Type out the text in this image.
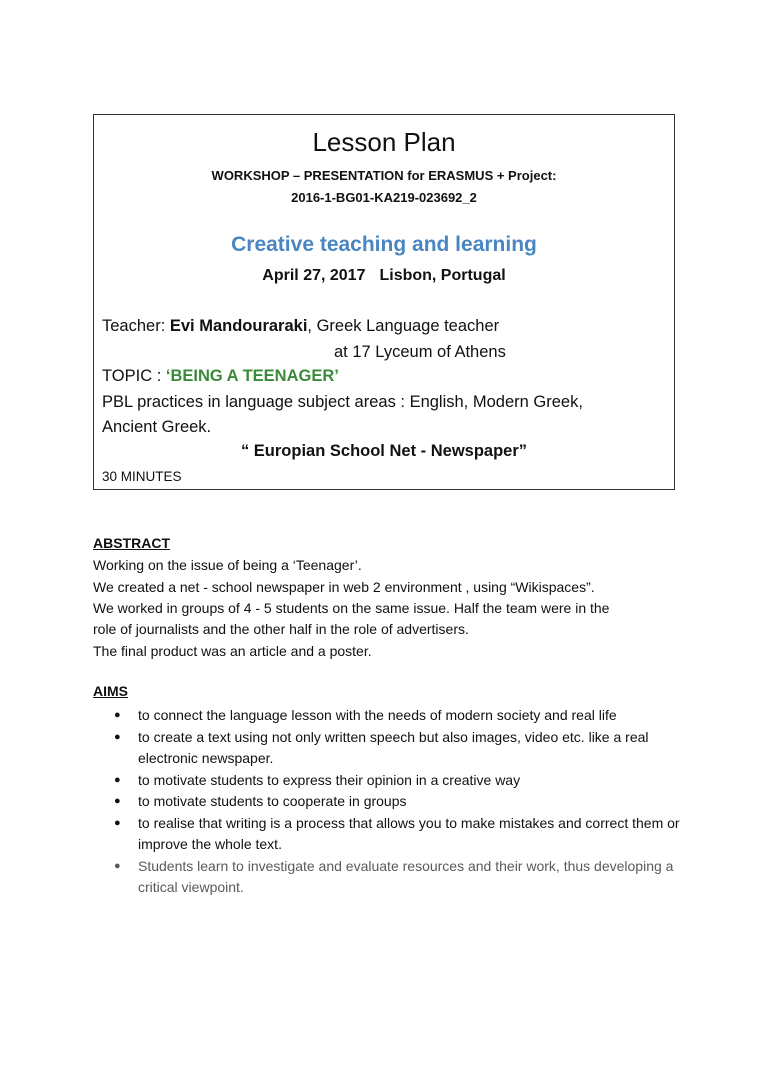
Lesson Plan
WORKSHOP – PRESENTATION for ERASMUS + Project:
2016-1-BG01-KA219-023692_2
Creative teaching and learning
April 27, 2017 Lisbon, Portugal
Teacher: Evi Mandouraraki, Greek Language teacher
at 17 Lyceum of Athens
TOPIC : ‘BEING A TEENAGER’
PBL practices in language subject areas : English, Modern Greek,
Ancient Greek.
“ Europian School Net - Newspaper”
30 MINUTES
ABSTRACT
Working on the issue of being a ‘Teenager’.
We created a net - school newspaper in web 2 environment , using “Wikispaces”.
We worked in groups of 4 - 5 students on the same issue. Half the team were in the
role of journalists and the other half in the role of advertisers.
The final product was an article and a poster.
AIMS
● to connect the language lesson with the needs of modern society and real life
● to create a text using not only written speech but also images, video etc. like a real electronic newspaper.
● to motivate students to express their opinion in a creative way
● to motivate students to cooperate in groups
● to realise that writing is a process that allows you to make mistakes and correct them or improve the whole text.
● Students learn to investigate and evaluate resources and their work, thus developing a critical viewpoint.
